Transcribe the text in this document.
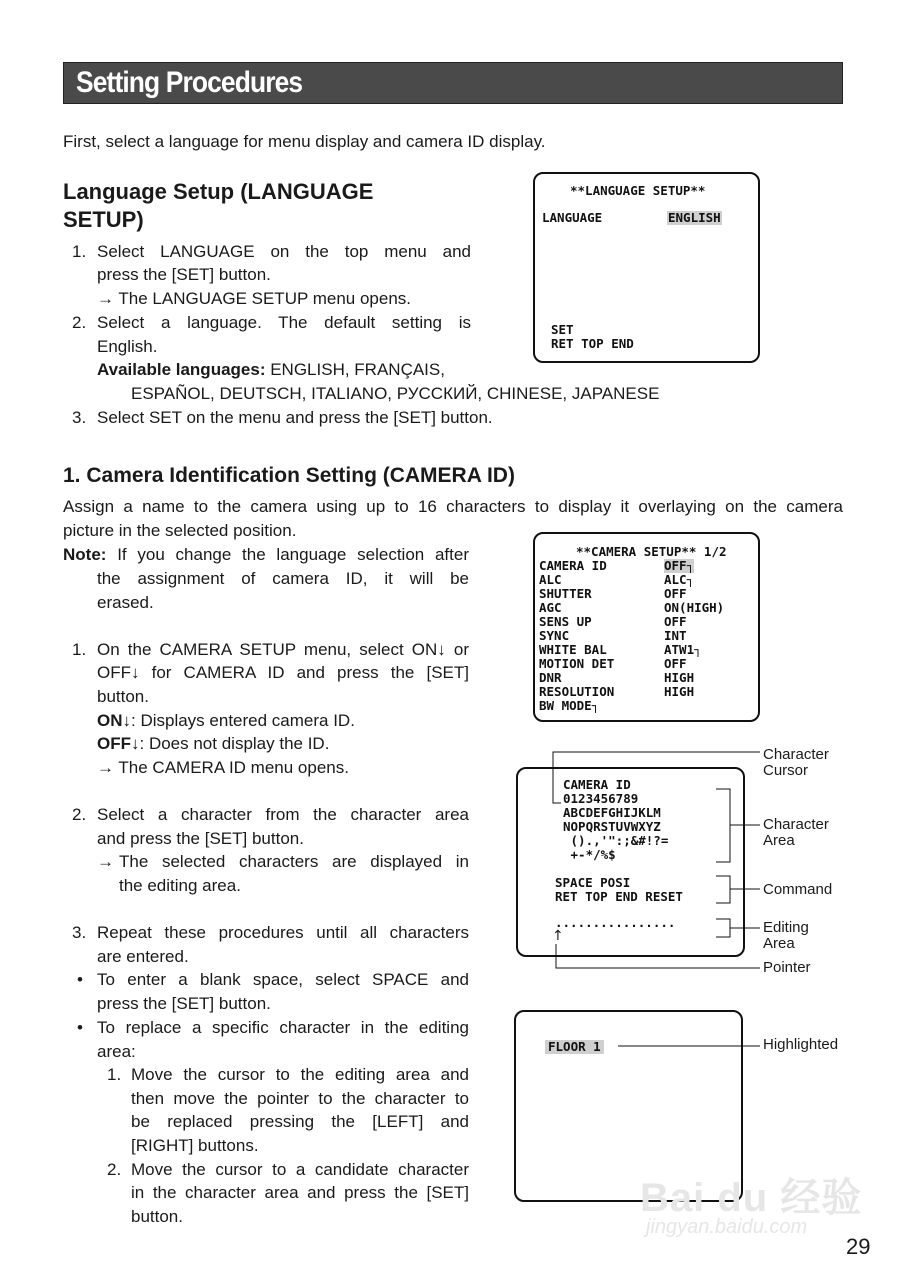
Setting Procedures
First, select a language for menu display and camera ID display.
Language Setup (LANGUAGE
SETUP)
1. Select LANGUAGE on the top menu and
press the [SET] button.
→ The LANGUAGE SETUP menu opens.
2. Select a language. The default setting is
English.
Available languages: ENGLISH, FRANÇAIS,
ESPAÑOL, DEUTSCH, ITALIANO, РУССКИЙ, CHINESE, JAPANESE
3. Select SET on the menu and press the [SET] button.
**LANGUAGE SETUP**
LANGUAGE	ENGLISH
SET
RET TOP END
1. Camera Identification Setting (CAMERA ID)
Assign a name to the camera using up to 16 characters to display it overlaying on the camera
picture in the selected position.
Note: If you change the language selection after
the assignment of camera ID, it will be
erased.
1. On the CAMERA SETUP menu, select ON↓ or
OFF↓ for CAMERA ID and press the [SET]
button.
ON↓: Displays entered camera ID.
OFF↓: Does not display the ID.
→ The CAMERA ID menu opens.
2. Select a character from the character area
and press the [SET] button.
→ The selected characters are displayed in
the editing area.
3. Repeat these procedures until all characters
are entered.
• To enter a blank space, select SPACE and
press the [SET] button.
• To replace a specific character in the editing
area:
1. Move the cursor to the editing area and
then move the pointer to the character to
be replaced pressing the [LEFT] and
[RIGHT] buttons.
2. Move the cursor to a candidate character
in the character area and press the [SET]
button.
**CAMERA SETUP** 1/2
CAMERA ID	OFF┐
ALC	ALC┐
SHUTTER	OFF
AGC	ON(HIGH)
SENS UP	OFF
SYNC	INT
WHITE BAL	ATW1┐
MOTION DET	OFF
DNR	HIGH
RESOLUTION	HIGH
BW MODE┐
CAMERA ID
0123456789
ABCDEFGHIJKLM
NOPQRSTUVWXYZ
().,'":;&#!?=
+-*/%$
SPACE POSI
RET TOP END RESET
................
↑
FLOOR 1
Character
Cursor
Character
Area
Command
Editing
Area
Pointer
Highlighted
Bai du 经验
jingyan.baidu.com
29
